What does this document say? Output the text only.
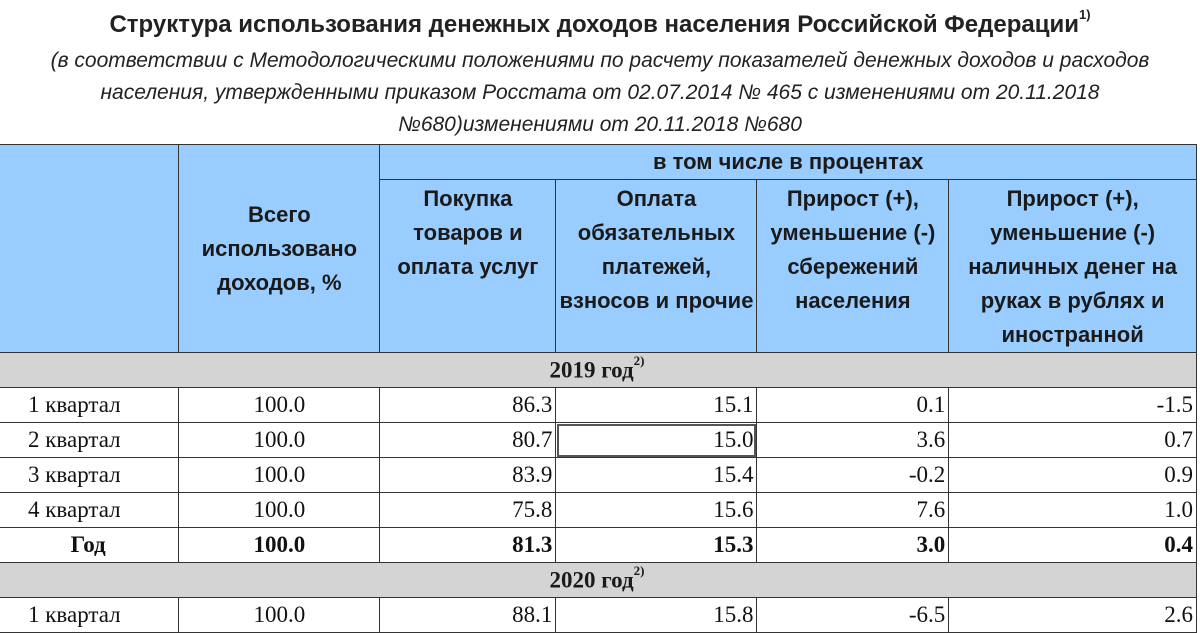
Структура использования денежных доходов населения Российской Федерации$^{1)}$
(в соответствии с Методологическими положениями по расчету показателей денежных доходов и расходов
населения, утвержденными приказом Росстата от 02.07.2014 № 465 с изменениями от 20.11.2018
№680)изменениями от 20.11.2018 №680
	Всего использовано доходов, %	в том числе в процентах			

		Покупка товаров и оплата услуг	Оплата обязательных платежей, взносов и прочие	Прирост (+), уменьшение (-) сбережений населения	Прирост (+), уменьшение (-) наличных денег на руках в рублях и иностранной

2019 год$^{2)}$
1 квартал	100.0	86.3	15.1	0.1	-1.5
2 квартал	100.0	80.7	15.0	3.6	0.7
3 квартал	100.0	83.9	15.4	-0.2	0.9
4 квартал	100.0	75.8	15.6	7.6	1.0
Год	100.0	81.3	15.3	3.0	0.4
2020 год$^{2)}$
1 квартал	100.0	88.1	15.8	-6.5	2.6
